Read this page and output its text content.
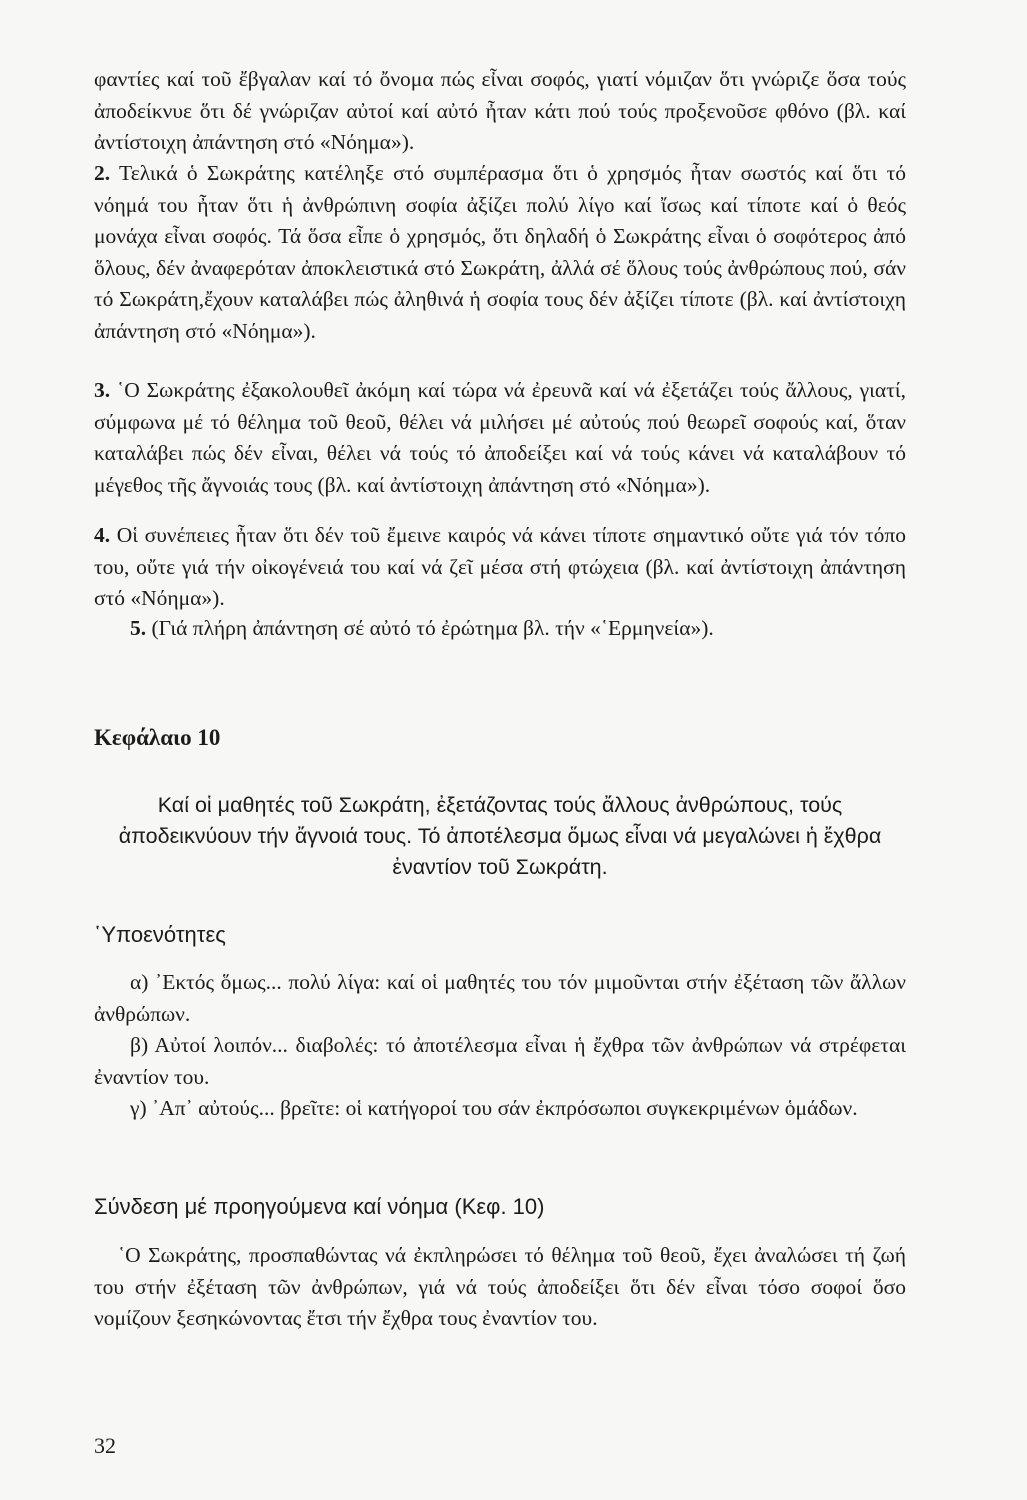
φαντίες καί τοῦ ἔβγαλαν καί τό ὄνομα πώς εἶναι σοφός, γιατί νόμιζαν ὅτι γνώριζε ὅσα τούς ἀποδείκνυε ὅτι δέ γνώριζαν αὐτοί καί αὐτό ἦταν κάτι πού τούς προξενοῦσε φθόνο (βλ. καί ἀντίστοιχη ἀπάντηση στό «Νόημα»).

2. Τελικά ὁ Σωκράτης κατέληξε στό συμπέρασμα ὅτι ὁ χρησμός ἦταν σωστός καί ὅτι τό νόημά του ἦταν ὅτι ἡ ἀνθρώπινη σοφία ἀξίζει πολύ λίγο καί ἴσως καί τίποτε καί ὁ θεός μονάχα εἶναι σοφός. Τά ὅσα εἶπε ὁ χρησμός, ὅτι δηλαδή ὁ Σωκράτης εἶναι ὁ σοφότερος ἀπό ὅλους, δέν ἀναφερόταν ἀποκλειστικά στό Σωκράτη, ἀλλά σέ ὅλους τούς ἀνθρώπους πού, σάν τό Σωκράτη,ἔχουν καταλάβει πώς ἀληθινά ἡ σοφία τους δέν ἀξίζει τίποτε (βλ. καί ἀντίστοιχη ἀπάντηση στό «Νόημα»).

3. ῾Ο Σωκράτης ἐξακολουθεῖ ἀκόμη καί τώρα νά ἐρευνᾶ καί νά ἐξετάζει τούς ἄλλους, γιατί, σύμφωνα μέ τό θέλημα τοῦ θεοῦ, θέλει νά μιλήσει μέ αὐτούς πού θεωρεῖ σοφούς καί, ὅταν καταλάβει πώς δέν εἶναι, θέλει νά τούς τό ἀποδείξει καί νά τούς κάνει νά καταλάβουν τό μέγεθος τῆς ἄγνοιάς τους (βλ. καί ἀντίστοιχη ἀπάντηση στό «Νόημα»).

4. Οἱ συνέπειες ἦταν ὅτι δέν τοῦ ἔμεινε καιρός νά κάνει τίποτε σημαντικό οὔτε γιά τόν τόπο του, οὔτε γιά τήν οἰκογένειά του καί νά ζεῖ μέσα στή φτώχεια (βλ. καί ἀντίστοιχη ἀπάντηση στό «Νόημα»).

5. (Γιά πλήρη ἀπάντηση σέ αὐτό τό ἐρώτημα βλ. τήν «῾Ερμηνεία»).

Κεφάλαιο 10

Καί οἱ μαθητές τοῦ Σωκράτη, ἐξετάζοντας τούς ἄλλους ἀνθρώπους, τούς ἀποδεικνύουν τήν ἄγνοιά τους. Τό ἀποτέλεσμα ὅμως εἶναι νά μεγαλώνει ἡ ἔχθρα ἐναντίον τοῦ Σωκράτη.

῾Υποενότητες

α) ᾿Εκτός ὅμως... πολύ λίγα: καί οἱ μαθητές του τόν μιμοῦνται στήν ἐξέταση τῶν ἄλλων ἀνθρώπων.

β) Αὐτοί λοιπόν... διαβολές: τό ἀποτέλεσμα εἶναι ἡ ἔχθρα τῶν ἀνθρώπων νά στρέφεται ἐναντίον του.

γ) ᾿Απ᾿ αὐτούς... βρεῖτε: οἱ κατήγοροί του σάν ἐκπρόσωποι συγκεκριμένων ὁμάδων.

Σύνδεση μέ προηγούμενα καί νόημα (Κεφ. 10)

῾Ο Σωκράτης, προσπαθώντας νά ἐκπληρώσει τό θέλημα τοῦ θεοῦ, ἔχει ἀναλώσει τή ζωή του στήν ἐξέταση τῶν ἀνθρώπων, γιά νά τούς ἀποδείξει ὅτι δέν εἶναι τόσο σοφοί ὅσο νομίζουν ξεσηκώνοντας ἔτσι τήν ἔχθρα τους ἐναντίον του.

32
